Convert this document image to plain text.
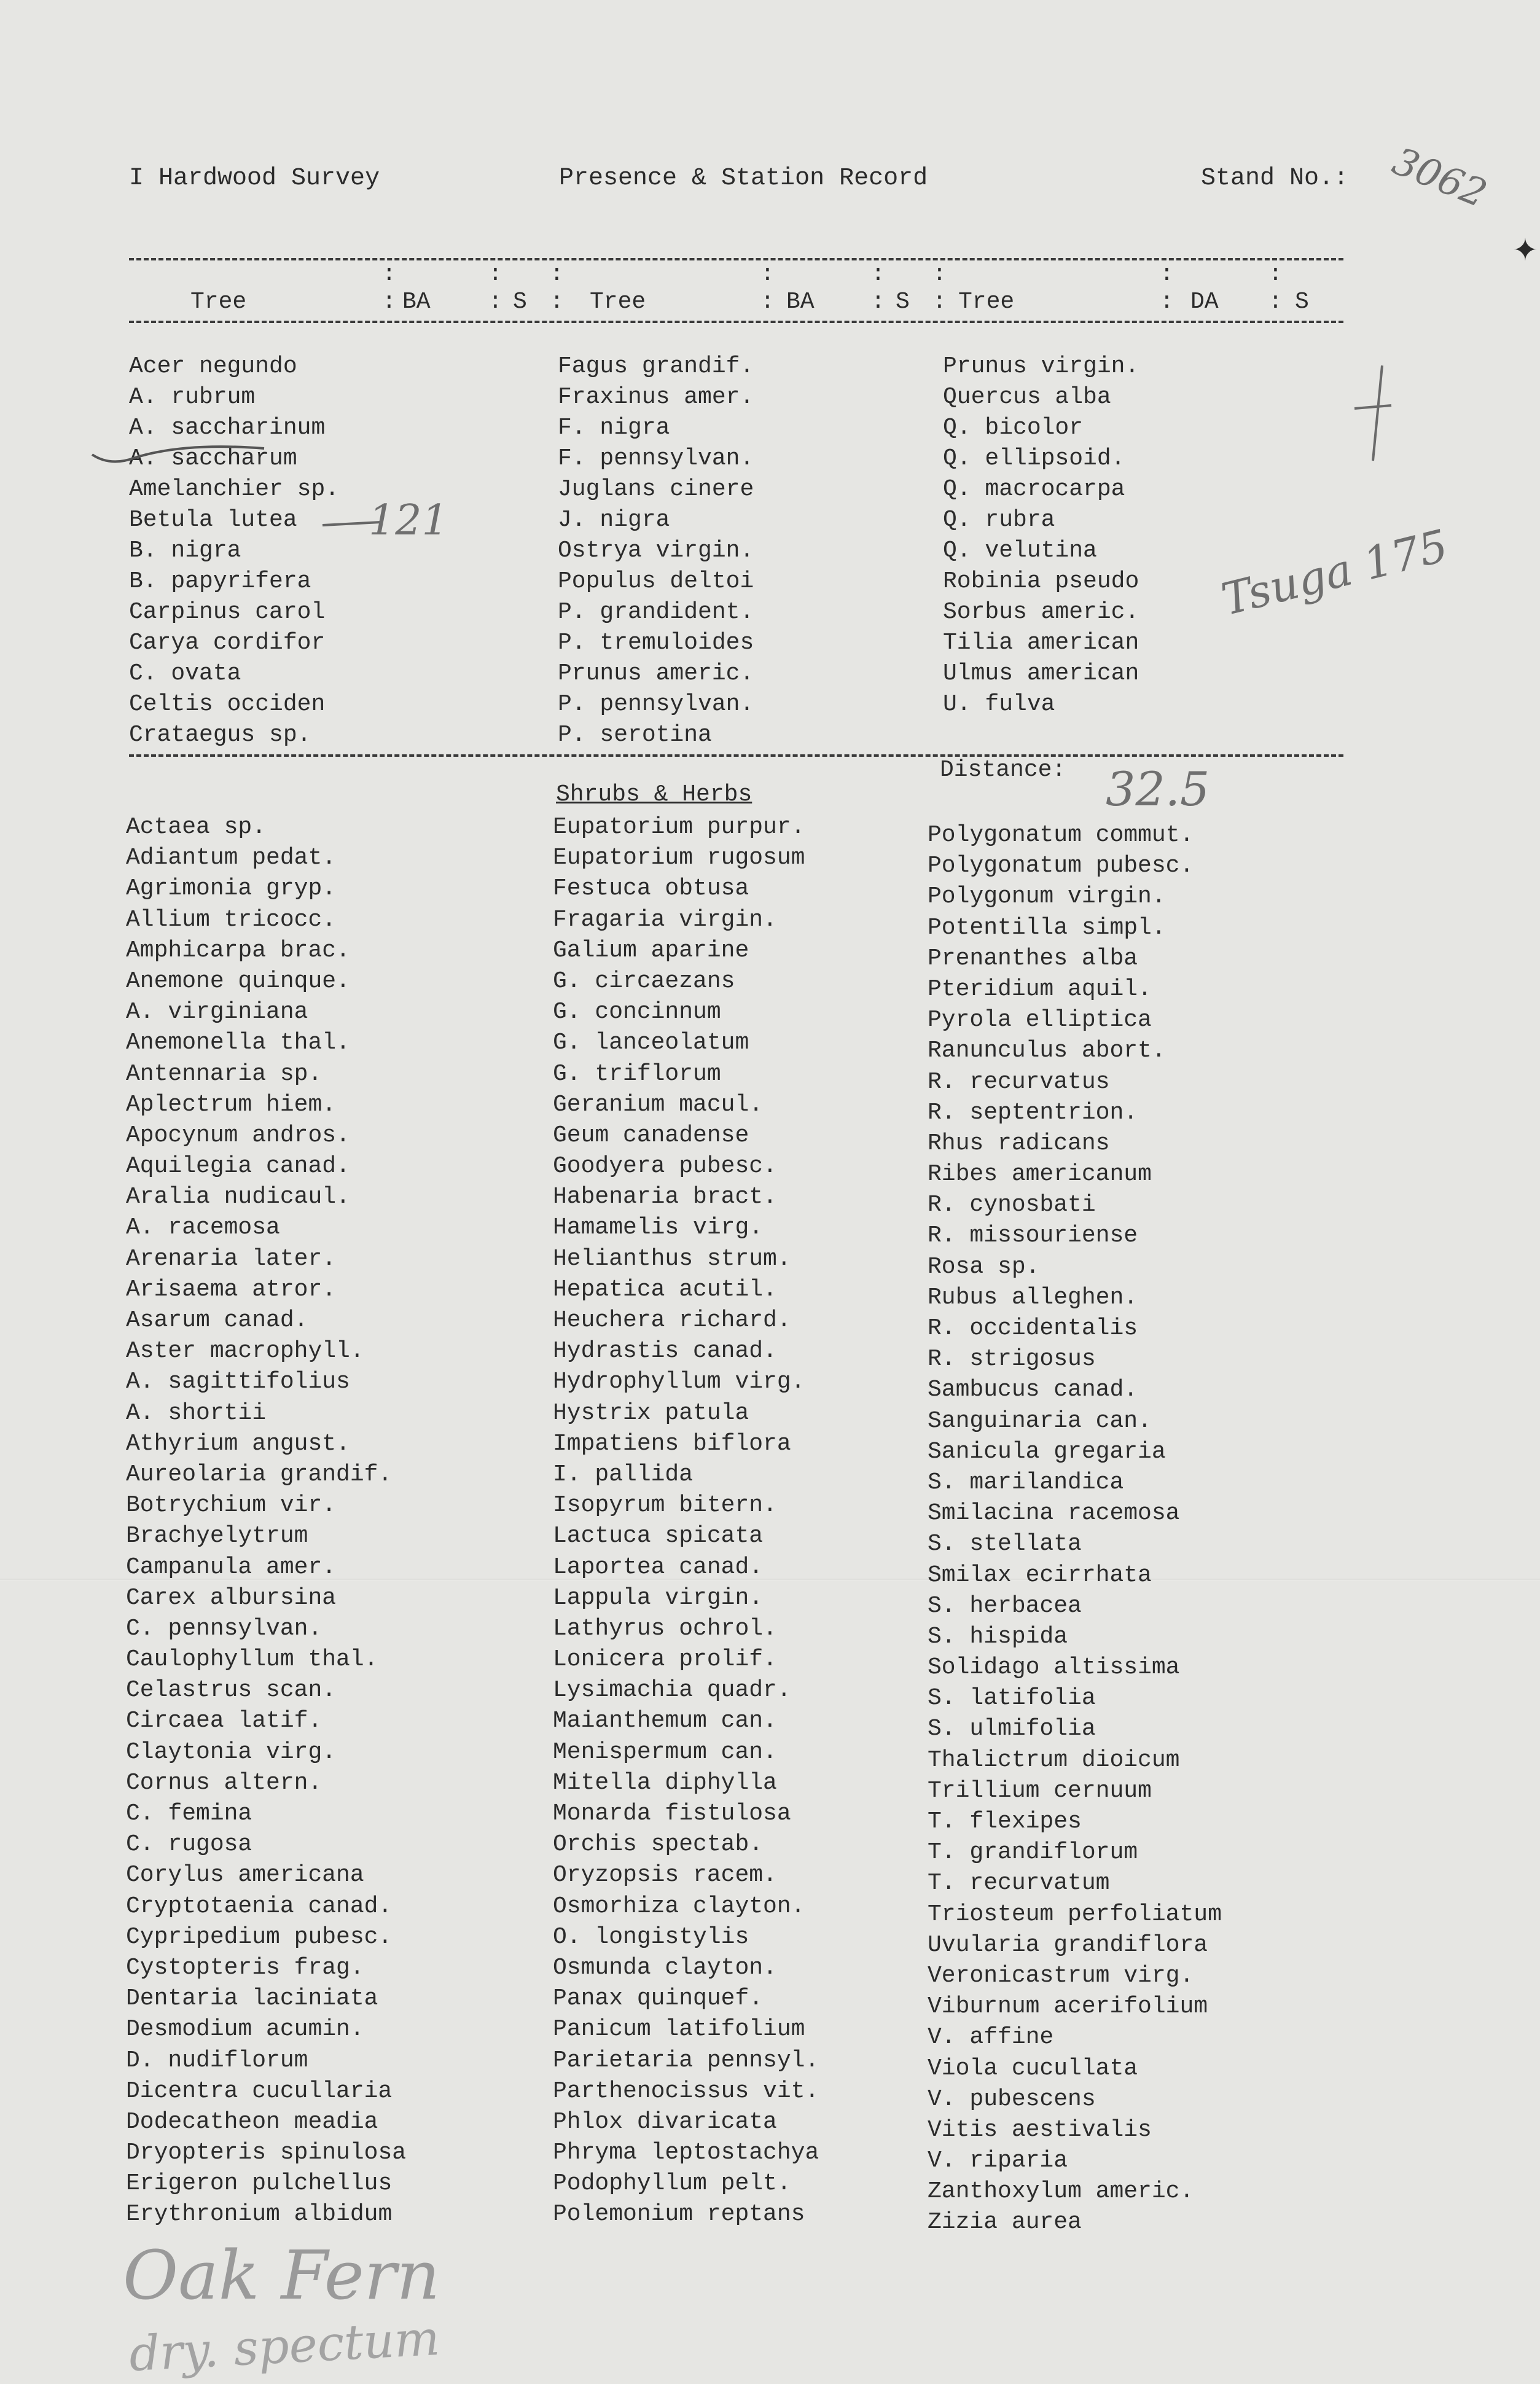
I Hardwood Survey	Presence & Station Record	Stand No.: 3062
✦
Tree	BA	S	Tree	BA	S Tree	DA	S
:
:
:
:
:
:
:
:
:
:
:
:
:
:
:
:
Acer negundo
A. rubrum
A. saccharinum
A. saccharum
Amelanchier sp.
Betula lutea
B. nigra
B. papyrifera
Carpinus carol
Carya cordifor
C. ovata
Celtis occiden
Crataegus sp.
Fagus grandif.
Fraxinus amer.
F. nigra
F. pennsylvan.
Juglans cinere
J. nigra
Ostrya virgin.
Populus deltoi
P. grandident.
P. tremuloides
Prunus americ.
P. pennsylvan.
P. serotina
Prunus virgin.
Quercus alba
Q. bicolor
Q. ellipsoid.
Q. macrocarpa
Q. rubra
Q. velutina
Robinia pseudo
Sorbus americ.
Tilia american
Ulmus american
U. fulva
121	Tsuga 175
Distance: 32.5
Shrubs & Herbs
Actaea sp.
Adiantum pedat.
Agrimonia gryp.
Allium tricocc.
Amphicarpa brac.
Anemone quinque.
A. virginiana
Anemonella thal.
Antennaria sp.
Aplectrum hiem.
Apocynum andros.
Aquilegia canad.
Aralia nudicaul.
A. racemosa
Arenaria later.
Arisaema atror.
Asarum canad.
Aster macrophyll.
A. sagittifolius
A. shortii
Athyrium angust.
Aureolaria grandif.
Botrychium vir.
Brachyelytrum
Campanula amer.
Carex albursina
C. pennsylvan.
Caulophyllum thal.
Celastrus scan.
Circaea latif.
Claytonia virg.
Cornus altern.
C. femina
C. rugosa
Corylus americana
Cryptotaenia canad.
Cypripedium pubesc.
Cystopteris frag.
Dentaria laciniata
Desmodium acumin.
D. nudiflorum
Dicentra cucullaria
Dodecatheon meadia
Dryopteris spinulosa
Erigeron pulchellus
Erythronium albidum
Eupatorium purpur.
Eupatorium rugosum
Festuca obtusa
Fragaria virgin.
Galium aparine
G. circaezans
G. concinnum
G. lanceolatum
G. triflorum
Geranium macul.
Geum canadense
Goodyera pubesc.
Habenaria bract.
Hamamelis virg.
Helianthus strum.
Hepatica acutil.
Heuchera richard.
Hydrastis canad.
Hydrophyllum virg.
Hystrix patula
Impatiens biflora
I. pallida
Isopyrum bitern.
Lactuca spicata
Laportea canad.
Lappula virgin.
Lathyrus ochrol.
Lonicera prolif.
Lysimachia quadr.
Maianthemum can.
Menispermum can.
Mitella diphylla
Monarda fistulosa
Orchis spectab.
Oryzopsis racem.
Osmorhiza clayton.
O. longistylis
Osmunda clayton.
Panax quinquef.
Panicum latifolium
Parietaria pennsyl.
Parthenocissus vit.
Phlox divaricata
Phryma leptostachya
Podophyllum pelt.
Polemonium reptans
Polygonatum commut.
Polygonatum pubesc.
Polygonum virgin.
Potentilla simpl.
Prenanthes alba
Pteridium aquil.
Pyrola elliptica
Ranunculus abort.
R. recurvatus
R. septentrion.
Rhus radicans
Ribes americanum
R. cynosbati
R. missouriense
Rosa sp.
Rubus alleghen.
R. occidentalis
R. strigosus
Sambucus canad.
Sanguinaria can.
Sanicula gregaria
S. marilandica
Smilacina racemosa
S. stellata
Smilax ecirrhata
S. herbacea
S. hispida
Solidago altissima
S. latifolia
S. ulmifolia
Thalictrum dioicum
Trillium cernuum
T. flexipes
T. grandiflorum
T. recurvatum
Triosteum perfoliatum
Uvularia grandiflora
Veronicastrum virg.
Viburnum acerifolium
V. affine
Viola cucullata
V. pubescens
Vitis aestivalis
V. riparia
Zanthoxylum americ.
Zizia aurea
Oak Fern
dry. spectum
